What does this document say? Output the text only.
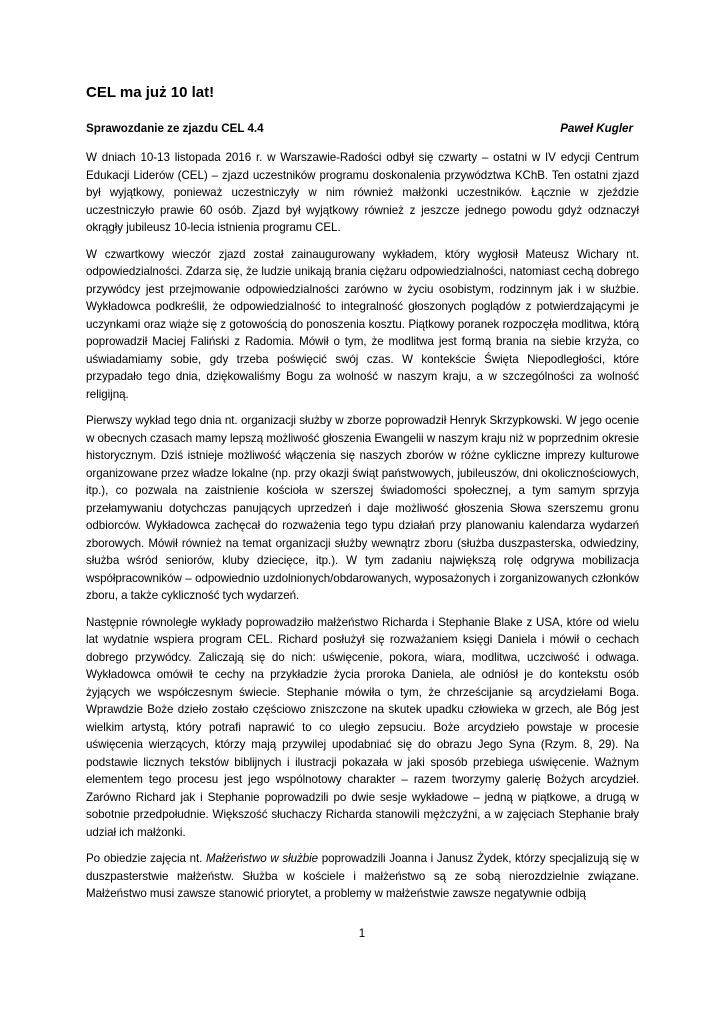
CEL ma już 10 lat!
Sprawozdanie ze zjazdu CEL 4.4	Paweł Kugler

W dniach 10-13 listopada 2016 r. w Warszawie-Radości odbył się czwarty – ostatni w IV edycji Centrum Edukacji Liderów (CEL) – zjazd uczestników programu doskonalenia przywództwa KChB. Ten ostatni zjazd był wyjątkowy, ponieważ uczestniczyły w nim również małżonki uczestników. Łącznie w zjeździe uczestniczyło prawie 60 osób. Zjazd był wyjątkowy również z jeszcze jednego powodu gdyż odznaczył okrągły jubileusz 10-lecia istnienia programu CEL.

W czwartkowy wieczór zjazd został zainaugurowany wykładem, który wygłosił Mateusz Wichary nt. odpowiedzialności. Zdarza się, że ludzie unikają brania ciężaru odpowiedzialności, natomiast cechą dobrego przywódcy jest przejmowanie odpowiedzialności zarówno w życiu osobistym, rodzinnym jak i w służbie. Wykładowca podkreślił, że odpowiedzialność to integralność głoszonych poglądów z potwierdzającymi je uczynkami oraz wiąże się z gotowością do ponoszenia kosztu. Piątkowy poranek rozpoczęła modlitwa, którą poprowadził Maciej Faliński z Radomia. Mówił o tym, że modlitwa jest formą brania na siebie krzyża, co uświadamiamy sobie, gdy trzeba poświęcić swój czas. W kontekście Święta Niepodległości, które przypadało tego dnia, dziękowaliśmy Bogu za wolność w naszym kraju, a w szczególności za wolność religijną.

Pierwszy wykład tego dnia nt. organizacji służby w zborze poprowadził Henryk Skrzypkowski. W jego ocenie w obecnych czasach mamy lepszą możliwość głoszenia Ewangelii w naszym kraju niż w poprzednim okresie historycznym. Dziś istnieje możliwość włączenia się naszych zborów w różne cykliczne imprezy kulturowe organizowane przez władze lokalne (np. przy okazji świąt państwowych, jubileuszów, dni okolicznościowych, itp.), co pozwala na zaistnienie kościoła w szerszej świadomości społecznej, a tym samym sprzyja przełamywaniu dotychczas panujących uprzedzeń i daje możliwość głoszenia Słowa szerszemu gronu odbiorców. Wykładowca zachęcał do rozważenia tego typu działań przy planowaniu kalendarza wydarzeń zborowych. Mówił również na temat organizacji służby wewnątrz zboru (służba duszpasterska, odwiedziny, służba wśród seniorów, kluby dziecięce, itp.). W tym zadaniu największą rolę odgrywa mobilizacja współpracowników – odpowiednio uzdolnionych/obdarowanych, wyposażonych i zorganizowanych członków zboru, a także cykliczność tych wydarzeń.

Następnie równoległe wykłady poprowadziło małżeństwo Richarda i Stephanie Blake z USA, które od wielu lat wydatnie wspiera program CEL. Richard posłużył się rozważaniem księgi Daniela i mówił o cechach dobrego przywódcy. Zaliczają się do nich: uświęcenie, pokora, wiara, modlitwa, uczciwość i odwaga. Wykładowca omówił te cechy na przykładzie życia proroka Daniela, ale odniósł je do kontekstu osób żyjących we współczesnym świecie. Stephanie mówiła o tym, że chrześcijanie są arcydziełami Boga. Wprawdzie Boże dzieło zostało częściowo zniszczone na skutek upadku człowieka w grzech, ale Bóg jest wielkim artystą, który potrafi naprawić to co uległo zepsuciu. Boże arcydzieło powstaje w procesie uświęcenia wierzących, którzy mają przywilej upodabniać się do obrazu Jego Syna (Rzym. 8, 29). Na podstawie licznych tekstów biblijnych i ilustracji pokazała w jaki sposób przebiega uświęcenie. Ważnym elementem tego procesu jest jego wspólnotowy charakter – razem tworzymy galerię Bożych arcydzieł. Zarówno Richard jak i Stephanie poprowadzili po dwie sesje wykładowe – jedną w piątkowe, a drugą w sobotnie przedpołudnie. Większość słuchaczy Richarda stanowili mężczyźni, a w zajęciach Stephanie brały udział ich małżonki.

Po obiedzie zajęcia nt. Małżeństwo w służbie poprowadzili Joanna i Janusz Żydek, którzy specjalizują się w duszpasterstwie małżeństw. Służba w kościele i małżeństwo są ze sobą nierozdzielnie związane. Małżeństwo musi zawsze stanowić priorytet, a problemy w małżeństwie zawsze negatywnie odbiją

1
